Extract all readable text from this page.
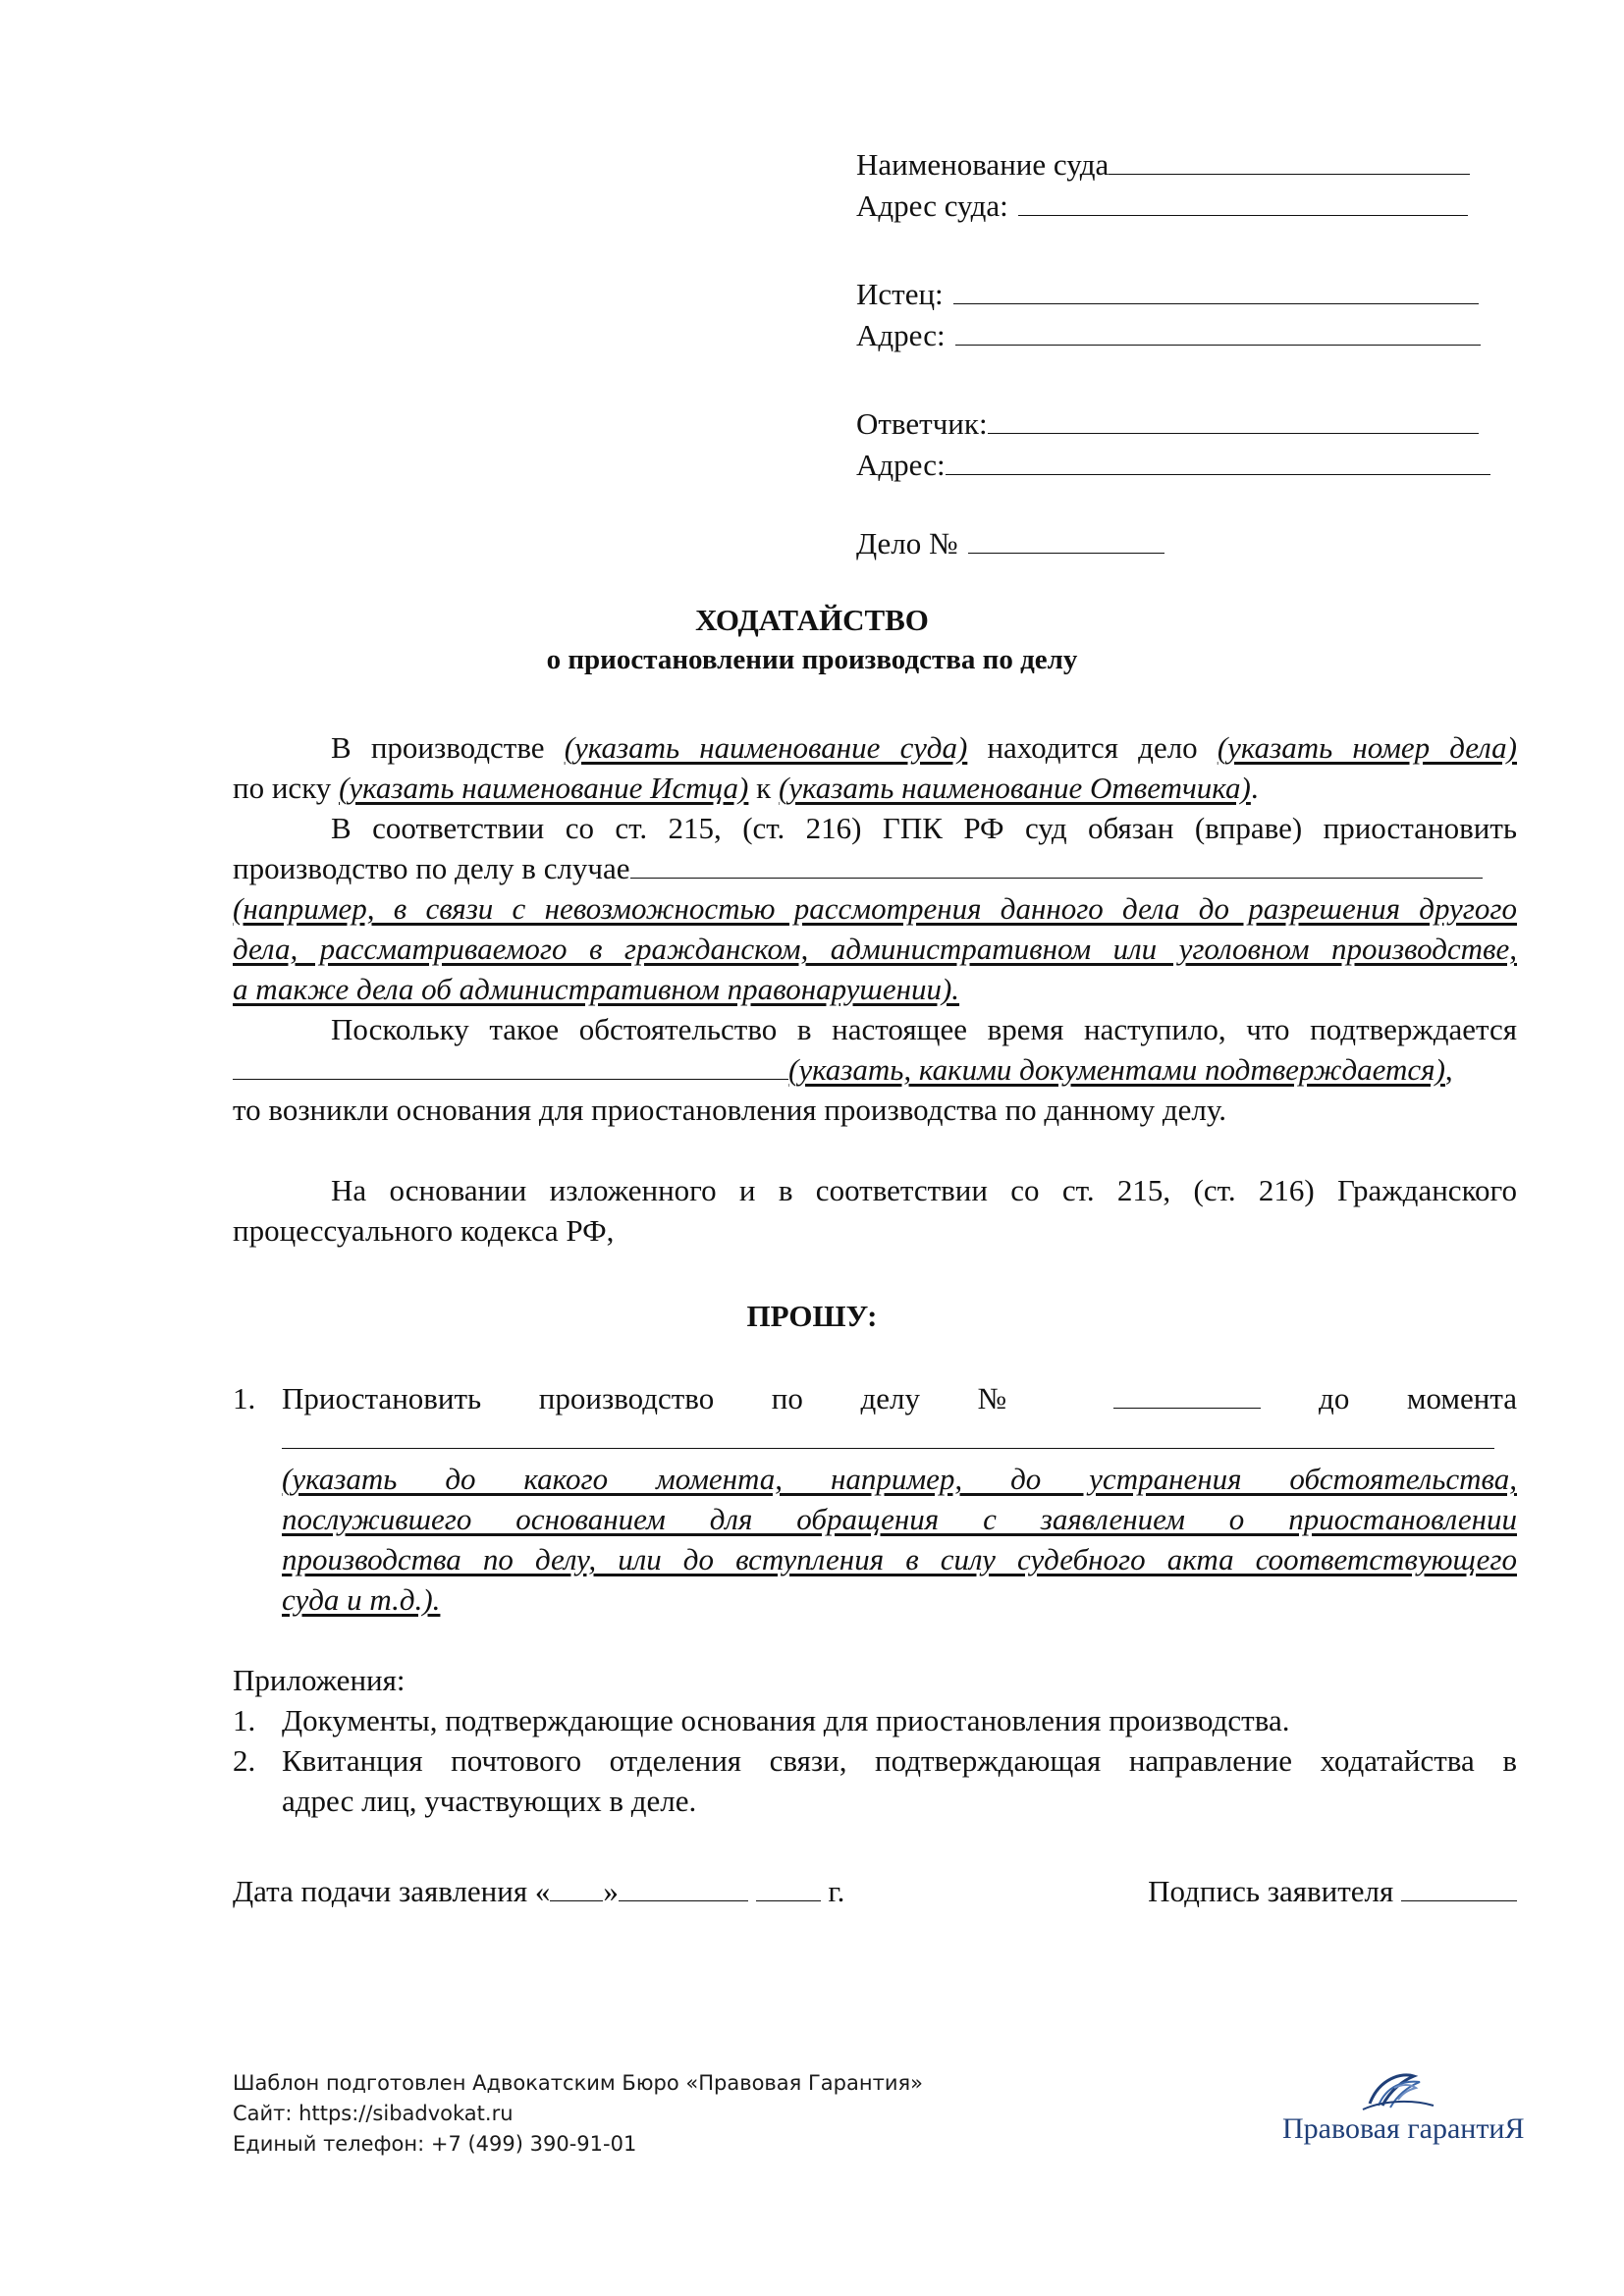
Наименование суда
Адрес суда:
Истец:
Адрес:
Ответчик:
Адрес:
Дело №
ХОДАТАЙСТВО
о приостановлении производства по делу
В производстве (указать наименование суда) находится дело (указать номер дела)
по иску (указать наименование Истца) к (указать наименование Ответчика).
В соответствии со ст. 215, (ст. 216) ГПК РФ суд обязан (вправе) приостановить
производство по делу в случае
(например, в связи с невозможностью рассмотрения данного дела до разрешения другого
дела, рассматриваемого в гражданском, административном или уголовном производстве,
а также дела об административном правонарушении).
Поскольку такое обстоятельство в настоящее время наступило, что подтверждается
(указать, какими документами подтверждается),
то возникли основания для приостановления производства по данному делу.
На основании изложенного и в соответствии со ст. 215, (ст. 216) Гражданского
процессуального кодекса РФ,
ПРОШУ:
1. Приостановить производство по делу №	до момента
(указать до какого момента, например, до устранения обстоятельства,
послужившего основанием для обращения с заявлением о приостановлении
производства по делу, или до вступления в силу судебного акта соответствующего
суда и т.д.).
Приложения:
1. Документы, подтверждающие основания для приостановления производства.
2. Квитанция почтового отделения связи, подтверждающая направление ходатайства в
адрес лиц, участвующих в деле.
Дата подачи заявления « »	г.	Подпись заявителя
Шаблон подготовлен Адвокатским Бюро «Правовая Гарантия»
Сайт: https://sibadvokat.ru
Единый телефон: +7 (499) 390-91-01	Правовая гарантиЯ
